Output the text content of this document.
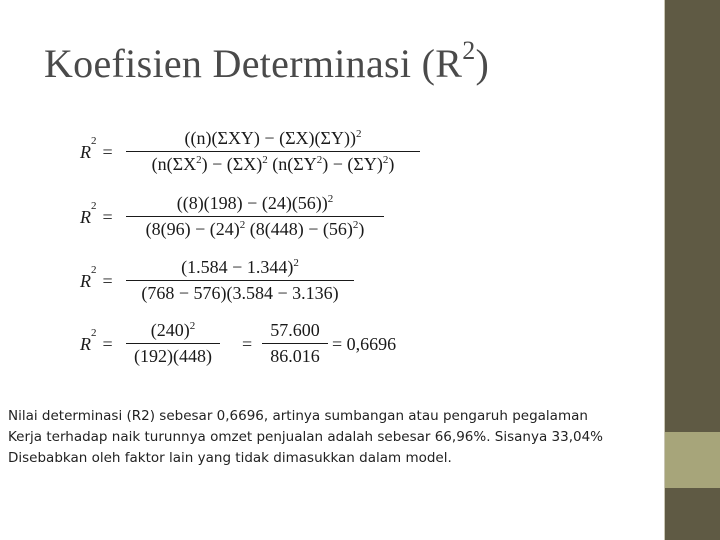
Koefisien Determinasi $(R^2)$
$R^2=$
$((n)(\Sigma XY) - (\Sigma X)(\Sigma Y))^2$
($n(\Sigma X^2) - (\Sigma X)^2$ $(n(\Sigma Y^2) - (\Sigma Y)^2)$
$R^2=$
$((8)(198) - (24)(56))^2$
($8(96) - (24)^2$ $(8(448) - (56)^2)$
$R^2=$
$(1.584 - 1.344)^2$
(768 − 576)(3.584 − 3.136)
$R^2=$
$(240)^2$
(192)(448)
=
57.600
86.016
= 0,6696

Nilai determinasi (R2) sebesar 0,6696, artinya sumbangan atau pengaruh pegalaman

Kerja terhadap naik turunnya omzet penjualan adalah sebesar 66,96%. Sisanya 33,04%

Disebabkan oleh faktor lain yang tidak dimasukkan dalam model.
